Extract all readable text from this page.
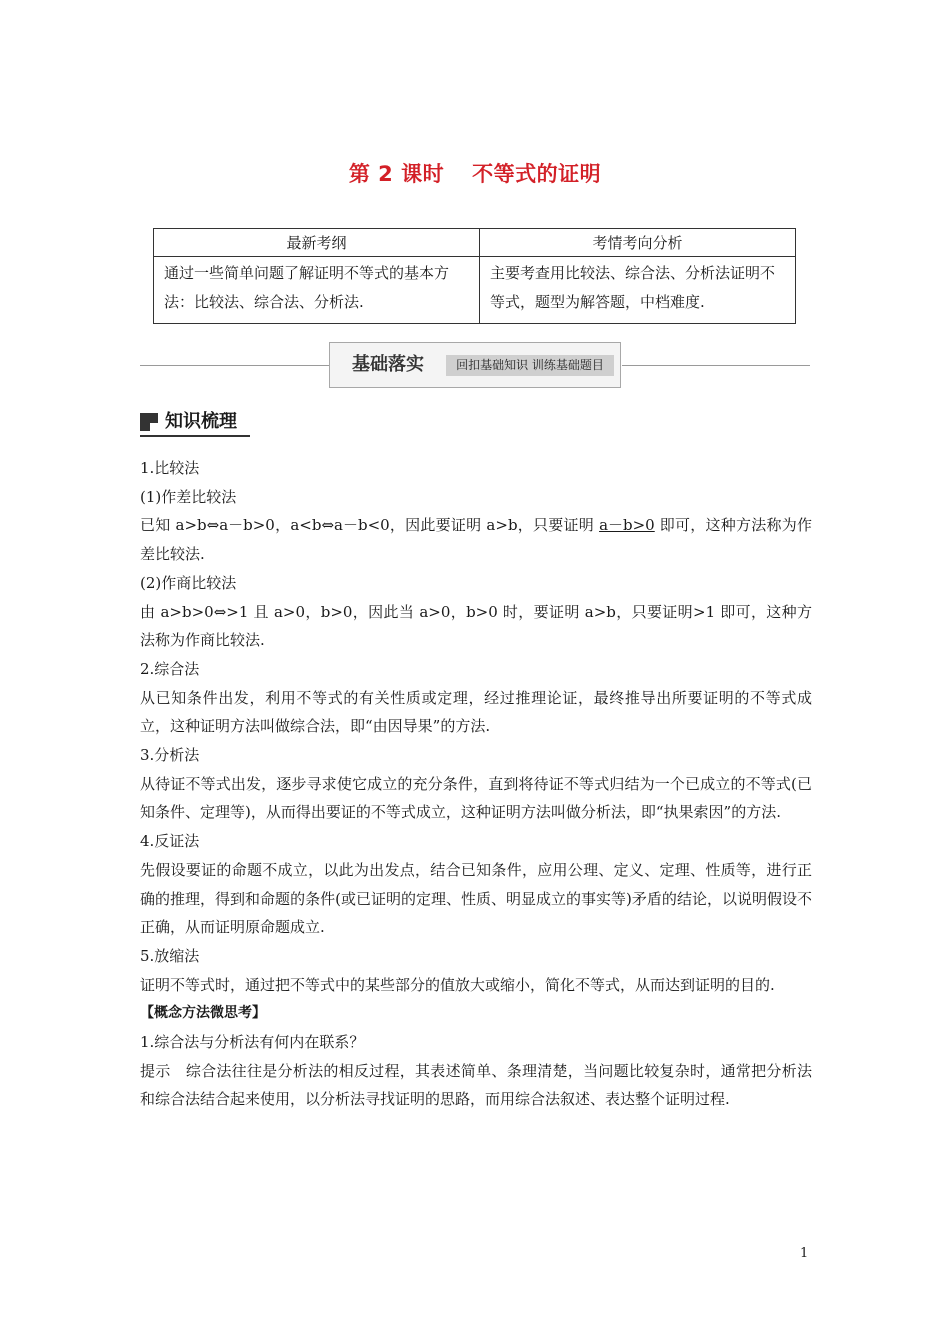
第 2 课时 不等式的证明
最新考纲	考情考向分析
通过一些简单问题了解证明不等式的基本方法：比较法、综合法、分析法.	主要考查用比较法、综合法、分析法证明不等式，题型为解答题，中档难度.
基础落实	回扣基础知识 训练基础题目
知识梳理

1.比较法

(1)作差比较法

已知 a>b⇔a－b>0，a<b⇔a－b<0，因此要证明 a>b，只要证明 a－b>0 即可，这种方法称为作差比较法.

(2)作商比较法

由 a>b>0⇔>1 且 a>0，b>0，因此当 a>0，b>0 时，要证明 a>b，只要证明>1 即可，这种方法称为作商比较法.

2.综合法

从已知条件出发，利用不等式的有关性质或定理，经过推理论证，最终推导出所要证明的不等式成立，这种证明方法叫做综合法，即“由因导果”的方法.

3.分析法

从待证不等式出发，逐步寻求使它成立的充分条件，直到将待证不等式归结为一个已成立的不等式(已知条件、定理等)，从而得出要证的不等式成立，这种证明方法叫做分析法，即“执果索因”的方法.

4.反证法

先假设要证的命题不成立，以此为出发点，结合已知条件，应用公理、定义、定理、性质等，进行正确的推理，得到和命题的条件(或已证明的定理、性质、明显成立的事实等)矛盾的结论，以说明假设不正确，从而证明原命题成立.

5.放缩法

证明不等式时，通过把不等式中的某些部分的值放大或缩小，简化不等式，从而达到证明的目的.

【概念方法微思考】

1.综合法与分析法有何内在联系？

提示　综合法往往是分析法的相反过程，其表述简单、条理清楚，当问题比较复杂时，通常把分析法和综合法结合起来使用，以分析法寻找证明的思路，而用综合法叙述、表达整个证明过程.

1
